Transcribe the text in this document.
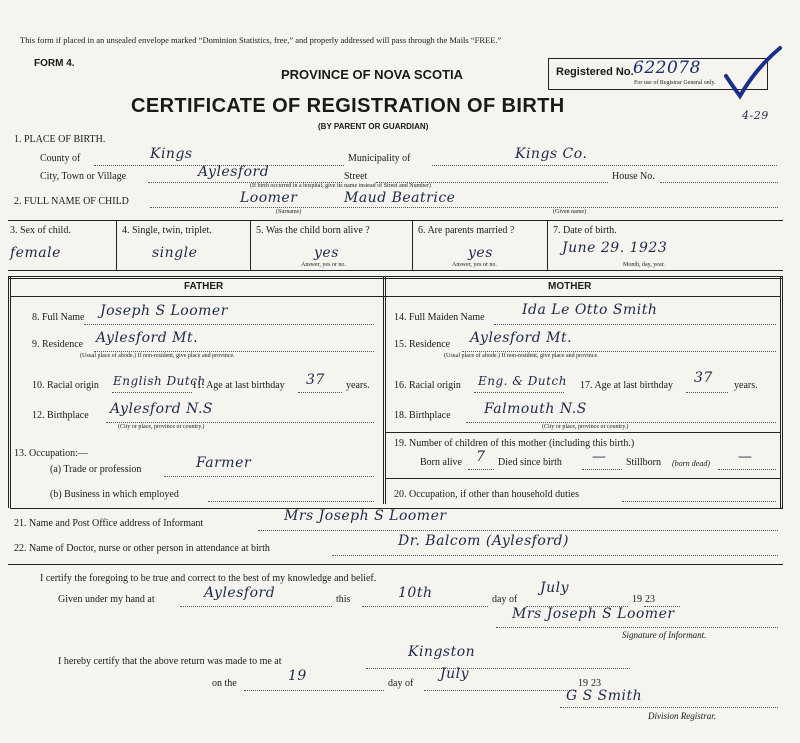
This form if placed in an unsealed envelope marked “Dominion Statistics, free,” and properly addressed will pass through the Mails “FREE.”
FORM 4.
PROVINCE OF NOVA SCOTIA
CERTIFICATE OF REGISTRATION OF BIRTH
(BY PARENT OR GUARDIAN)
Registered No. 622078
For use of Registrar General only.
4-29
1. PLACE OF BIRTH.
County of	Kings	Municipality of	Kings Co.
City, Town or Village	Aylesford	Street	House No.
(If birth occurred in a hospital, give its name instead of Street and Number)
2. FULL NAME OF CHILD	Loomer	Maud Beatrice
(Surname)	(Given name)
3. Sex of child.
female
4. Single, twin, triplet.
single
5. Was the child born alive ?
yes
Answer, yes or no.
6. Are parents married ?
yes
Answer, yes or no.
7. Date of birth.
June 29. 1923
Month, day, year.
FATHER	MOTHER
8. Full Name Joseph S Loomer
9. Residence Aylesford Mt.
(Usual place of abode.) If non-resident, give place and province.
10. Racial origin English Dutch
11. Age at last birthday 37 years.
12. Birthplace Aylesford N.S
(City or place, province or country.)
13. Occupation:—
(a) Trade or profession	Farmer
(b) Business in which employed
14. Full Maiden Name	Ida Le Otto Smith
15. Residence Aylesford Mt.
(Usual place of abode.) If non-resident, give place and province.
16. Racial origin Eng. & Dutch 17. Age at last birthday 37 years.
18. Birthplace Falmouth N.S
(City or place, province or country.)
19. Number of children of this mother (including this birth.)
Born alive 7 Died since birth — Stillborn (born dead) —
20. Occupation, if other than household duties
21. Name and Post Office address of Informant	Mrs Joseph S Loomer
22. Name of Doctor, nurse or other person in attendance at birth	Dr. Balcom (Aylesford)
I certify the foregoing to be true and correct to the best of my knowledge and belief.
Given under my hand at	Aylesford	this	10th	day of
July
19 23
Mrs Joseph S Loomer
Signature of Informant.
I hereby certify that the above return was made to me at
Kingston
on the	19	day of
July
19 23
G S Smith
Division Registrar.
